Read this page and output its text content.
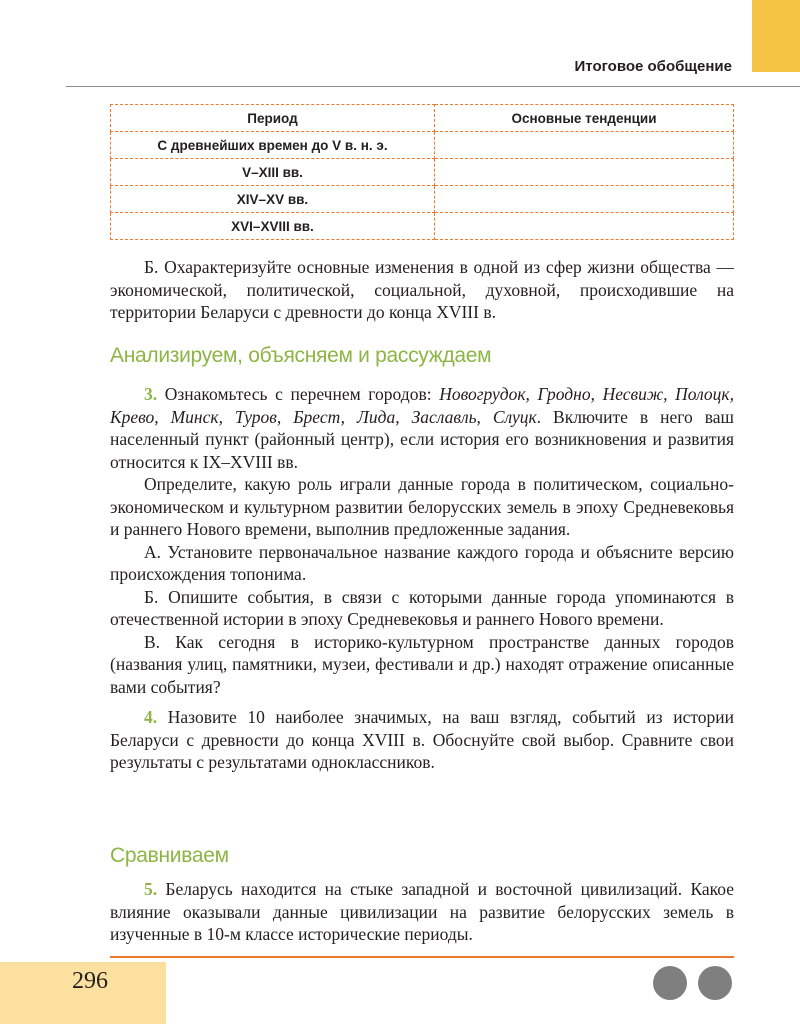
Итоговое обобщение
Период	Основные тенденции
С древнейших времен до V в. н. э.	
V–XIII вв.	
XIV–XV вв.	
XVI–XVIII вв.	

Б. Охарактеризуйте основные изменения в одной из сфер жизни общества — экономической, политической, социальной, духовной, происходившие на территории Беларуси с древности до конца XVIII в.

Анализируем, объясняем и рассуждаем

3. Ознакомьтесь с перечнем городов: Новогрудок, Гродно, Несвиж, Полоцк, Крево, Минск, Туров, Брест, Лида, Заславль, Слуцк. Включите в него ваш населенный пункт (районный центр), если история его возникновения и развития относится к IX–XVIII вв.

Определите, какую роль играли данные города в политическом, социально-экономическом и культурном развитии белорусских земель в эпоху Средневековья и раннего Нового времени, выполнив предложенные задания.

А. Установите первоначальное название каждого города и объясните версию происхождения топонима.

Б. Опишите события, в связи с которыми данные города упоминаются в отечественной истории в эпоху Средневековья и раннего Нового времени.

В. Как сегодня в историко-культурном пространстве данных городов (названия улиц, памятники, музеи, фестивали и др.) находят отражение описанные вами события?

4. Назовите 10 наиболее значимых, на ваш взгляд, событий из истории Беларуси с древности до конца XVIII в. Обоснуйте свой выбор. Сравните свои результаты с результатами одноклассников.

Сравниваем

5. Беларусь находится на стыке западной и восточной цивилизаций. Какое влияние оказывали данные цивилизации на развитие белорусских земель в изученные в 10-м классе исторические периоды.

296
